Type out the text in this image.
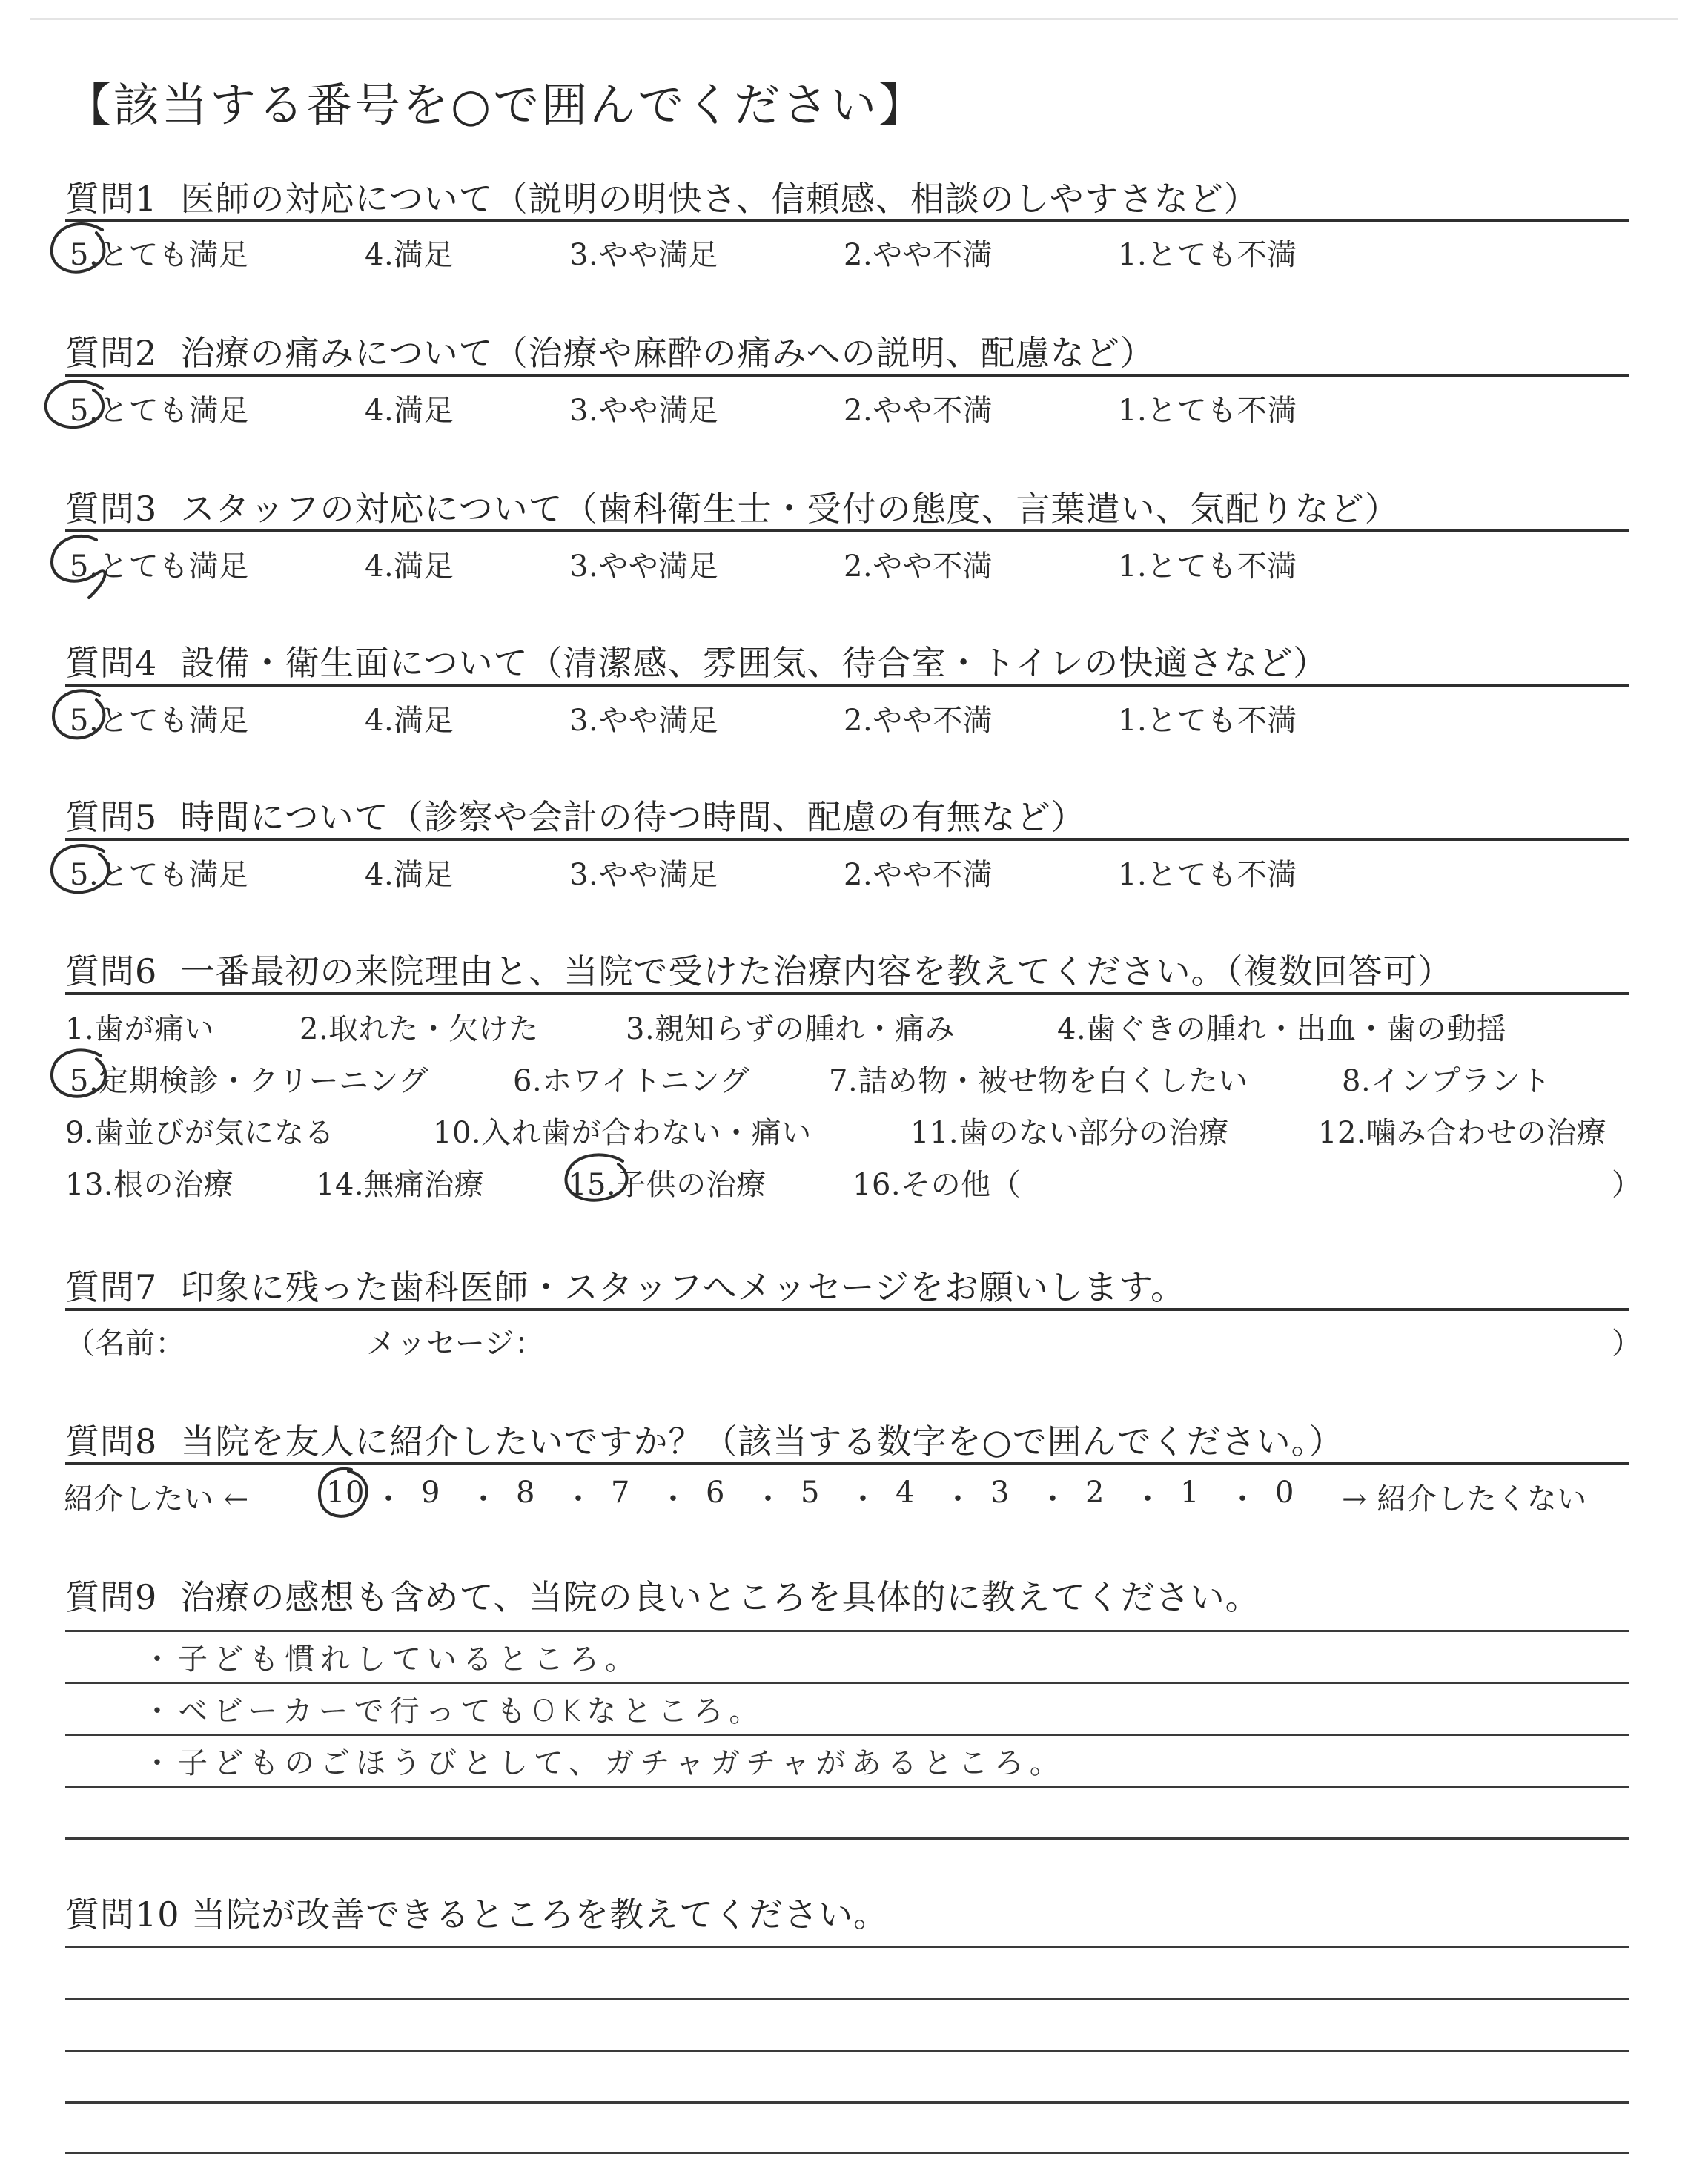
【該当する番号を○で囲んでください】
質問1 医師の対応について（説明の明快さ、信頼感、相談のしやすさなど）
5.とても満足	4.満足	3.やや満足	2.やや不満	1.とても不満
質問2 治療の痛みについて（治療や麻酔の痛みへの説明、配慮など）
5.とても満足	4.満足	3.やや満足	2.やや不満	1.とても不満
質問3 スタッフの対応について（歯科衛生士・受付の態度、言葉遣い、気配りなど）
5.とても満足	4.満足	3.やや満足	2.やや不満	1.とても不満
質問4 設備・衛生面について（清潔感、雰囲気、待合室・トイレの快適さなど）
5.とても満足	4.満足	3.やや満足	2.やや不満	1.とても不満
質問5 時間について（診察や会計の待つ時間、配慮の有無など）
5.とても満足	4.満足	3.やや満足	2.やや不満	1.とても不満
質問6 一番最初の来院理由と、当院で受けた治療内容を教えてください。（複数回答可）
1.歯が痛い	2.取れた・欠けた	3.親知らずの腫れ・痛み	4.歯ぐきの腫れ・出血・歯の動揺
5.定期検診・クリーニング	6.ホワイトニング	7.詰め物・被せ物を白くしたい	8.インプラント
9.歯並びが気になる	10.入れ歯が合わない・痛い	11.歯のない部分の治療	12.噛み合わせの治療
13.根の治療	14.無痛治療	15.子供の治療	16.その他（	）
質問7 印象に残った歯科医師・スタッフへメッセージをお願いします。
（名前：	メッセージ：	）
質問8 当院を友人に紹介したいですか？（該当する数字を○で囲んでください。）
紹介したい ←	10 ・ 9 ・ 8 ・ 7 ・ 6 ・ 5 ・ 4 ・ 3 ・ 2 ・ 1 ・ 0 → 紹介したくない
質問9 治療の感想も含めて、当院の良いところを具体的に教えてください。
・子ども慣れしているところ。
・ベビーカーで行ってもOKなところ。
・子どものごほうびとして、ガチャガチャがあるところ。
質問10 当院が改善できるところを教えてください。
